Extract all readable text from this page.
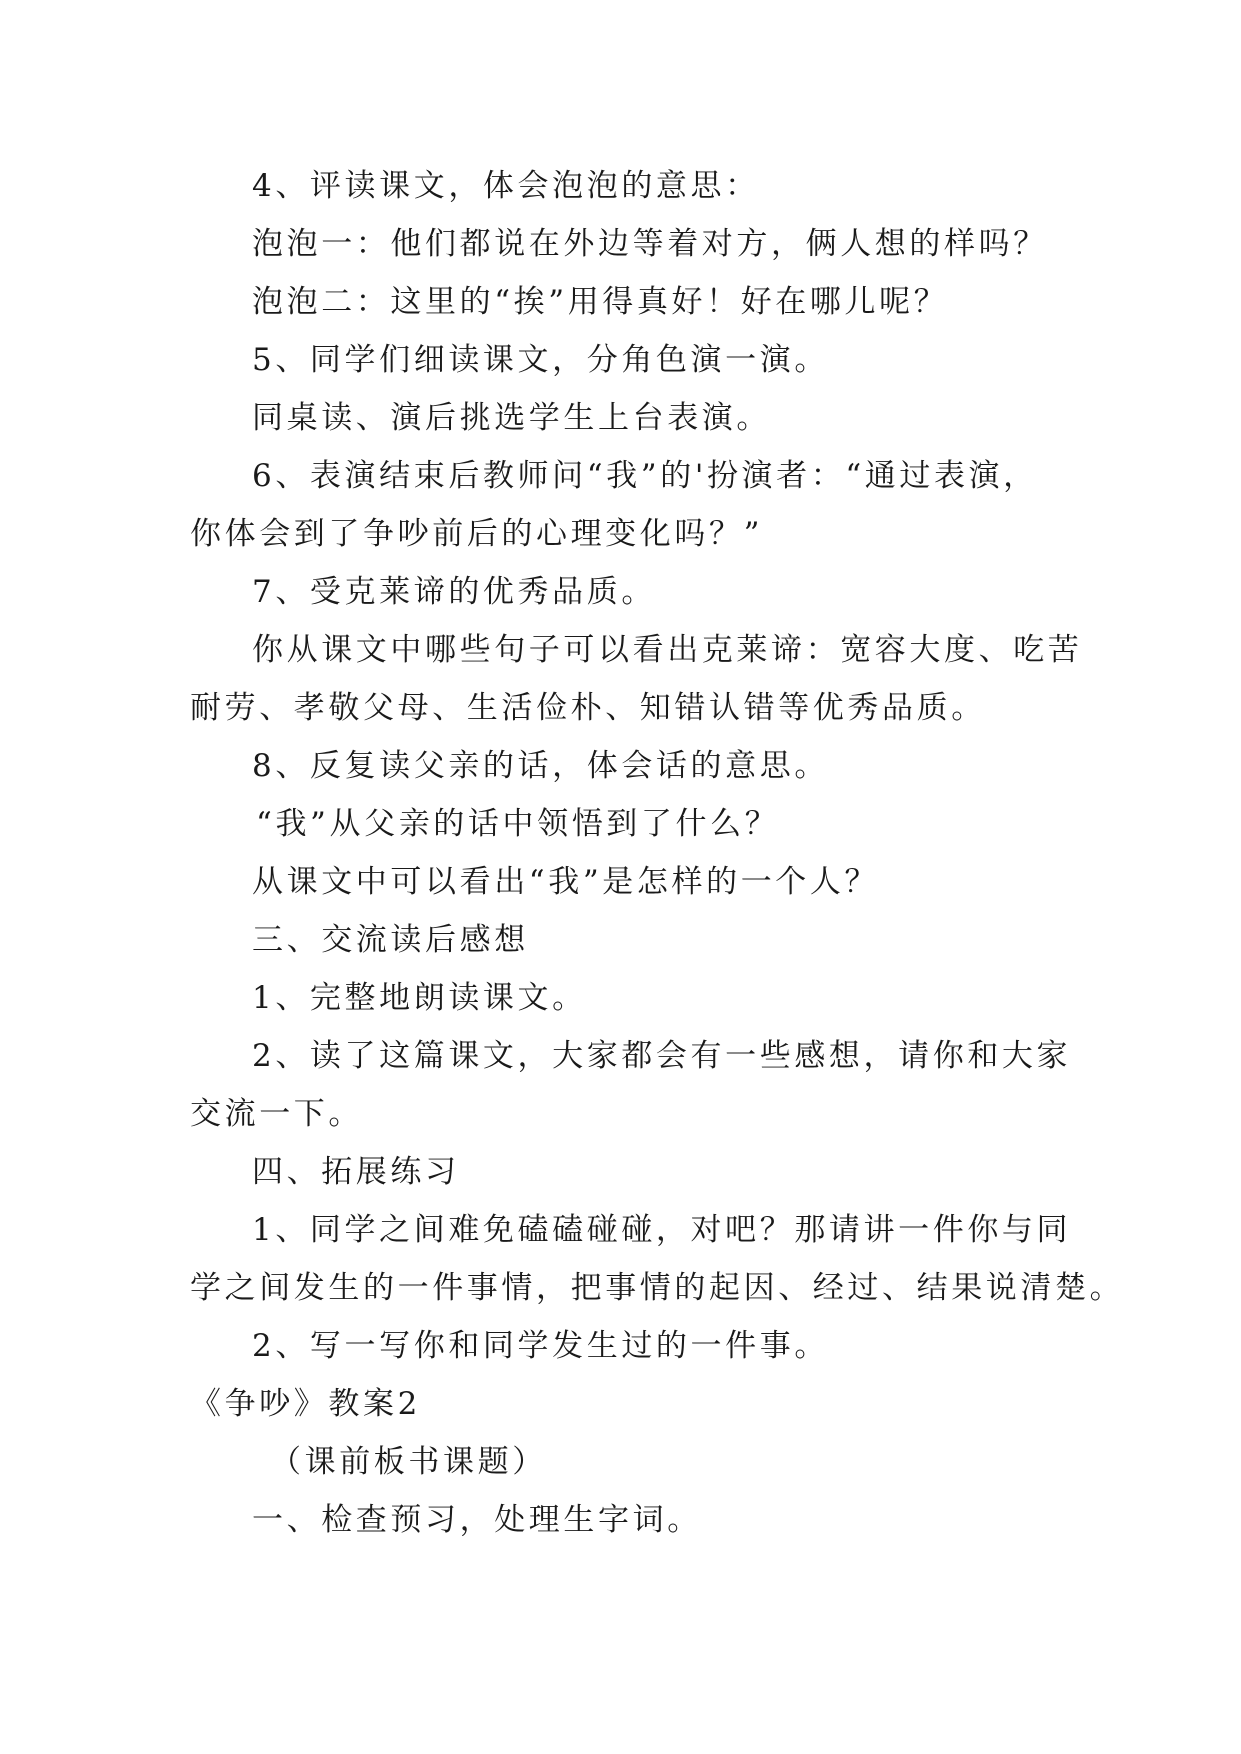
4、评读课文，体会泡泡的意思：
泡泡一：他们都说在外边等着对方，俩人想的样吗？
泡泡二：这里的“挨”用得真好！好在哪儿呢？
5、同学们细读课文，分角色演一演。
同桌读、演后挑选学生上台表演。
6、表演结束后教师问“我”的'扮演者：“通过表演，
你体会到了争吵前后的心理变化吗？”
7、受克莱谛的优秀品质。
你从课文中哪些句子可以看出克莱谛：宽容大度、吃苦
耐劳、孝敬父母、生活俭朴、知错认错等优秀品质。
8、反复读父亲的话，体会话的意思。
“我”从父亲的话中领悟到了什么？
从课文中可以看出“我”是怎样的一个人？
三、交流读后感想
1、完整地朗读课文。
2、读了这篇课文，大家都会有一些感想，请你和大家
交流一下。
四、拓展练习
1、同学之间难免磕磕碰碰，对吧？那请讲一件你与同
学之间发生的一件事情，把事情的起因、经过、结果说清楚。
2、写一写你和同学发生过的一件事。
《争吵》教案2
（课前板书课题）
一、检查预习，处理生字词。
